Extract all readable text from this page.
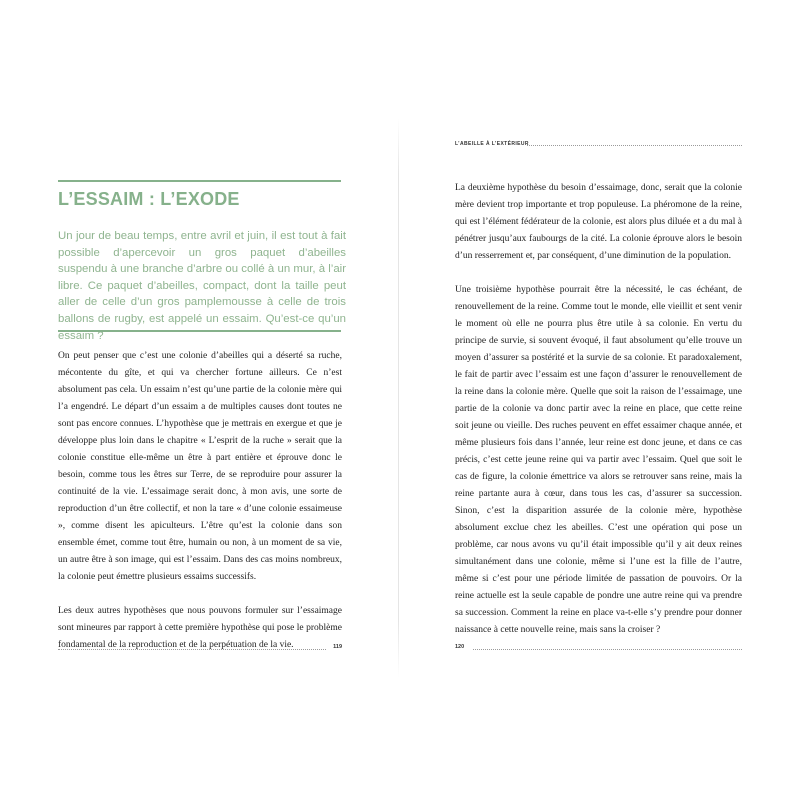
L’ESSAIM : L’EXODE

Un jour de beau temps, entre avril et juin, il est tout à fait possible d’apercevoir un gros paquet d’abeilles suspendu à une branche d’arbre ou collé à un mur, à l’air libre. Ce paquet d’abeilles, compact, dont la taille peut aller de celle d’un gros pamplemousse à celle de trois ballons de rugby, est appelé un essaim. Qu’est-ce qu’un essaim ?

On peut penser que c’est une colonie d’abeilles qui a déserté sa ruche, mécontente du gîte, et qui va chercher fortune ailleurs. Ce n’est absolument pas cela. Un essaim n’est qu’une partie de la colonie mère qui l’a engendré. Le départ d’un essaim a de multiples causes dont toutes ne sont pas encore connues. L’hypothèse que je mettrais en exergue et que je développe plus loin dans le chapitre « L’esprit de la ruche » serait que la colonie constitue elle-même un être à part entière et éprouve donc le besoin, comme tous les êtres sur Terre, de se reproduire pour assurer la continuité de la vie. L’essaimage serait donc, à mon avis, une sorte de reproduction d’un être collectif, et non la tare « d’une colonie essaimeuse », comme disent les apiculteurs. L’être qu’est la colonie dans son ensemble émet, comme tout être, humain ou non, à un moment de sa vie, un autre être à son image, qui est l’essaim. Dans des cas moins nombreux, la colonie peut émettre plusieurs essaims successifs.

Les deux autres hypothèses que nous pouvons formuler sur l’essaimage sont mineures par rapport à cette première hypothèse qui pose le problème fondamental de la reproduction et de la perpétuation de la vie.	119
L’ABEILLE À L’EXTÉRIEUR

La deuxième hypothèse du besoin d’essaimage, donc, serait que la colonie mère devient trop importante et trop populeuse. La phéromone de la reine, qui est l’élément fédérateur de la colonie, est alors plus diluée et a du mal à pénétrer jusqu’aux faubourgs de la cité. La colonie éprouve alors le besoin d’un resserrement et, par conséquent, d’une diminution de la population.

Une troisième hypothèse pourrait être la nécessité, le cas échéant, de renouvellement de la reine. Comme tout le monde, elle vieillit et sent venir le moment où elle ne pourra plus être utile à sa colonie. En vertu du principe de survie, si souvent évoqué, il faut absolument qu’elle trouve un moyen d’assurer sa postérité et la survie de sa colonie. Et paradoxalement, le fait de partir avec l’essaim est une façon d’assurer le renouvellement de la reine dans la colonie mère. Quelle que soit la raison de l’essaimage, une partie de la colonie va donc partir avec la reine en place, que cette reine soit jeune ou vieille. Des ruches peuvent en effet essaimer chaque année, et même plusieurs fois dans l’année, leur reine est donc jeune, et dans ce cas précis, c’est cette jeune reine qui va partir avec l’essaim. Quel que soit le cas de figure, la colonie émettrice va alors se retrouver sans reine, mais la reine partante aura à cœur, dans tous les cas, d’assurer sa succession. Sinon, c’est la disparition assurée de la colonie mère, hypothèse absolument exclue chez les abeilles. C’est une opération qui pose un problème, car nous avons vu qu’il était impossible qu’il y ait deux reines simultanément dans une colonie, même si l’une est la fille de l’autre, même si c’est pour une période limitée de passation de pouvoirs. Or la reine actuelle est la seule capable de pondre une autre reine qui va prendre sa succession. Comment la reine en place va-t-elle s’y prendre pour donner naissance à cette nouvelle reine, mais sans la croiser ?

120
